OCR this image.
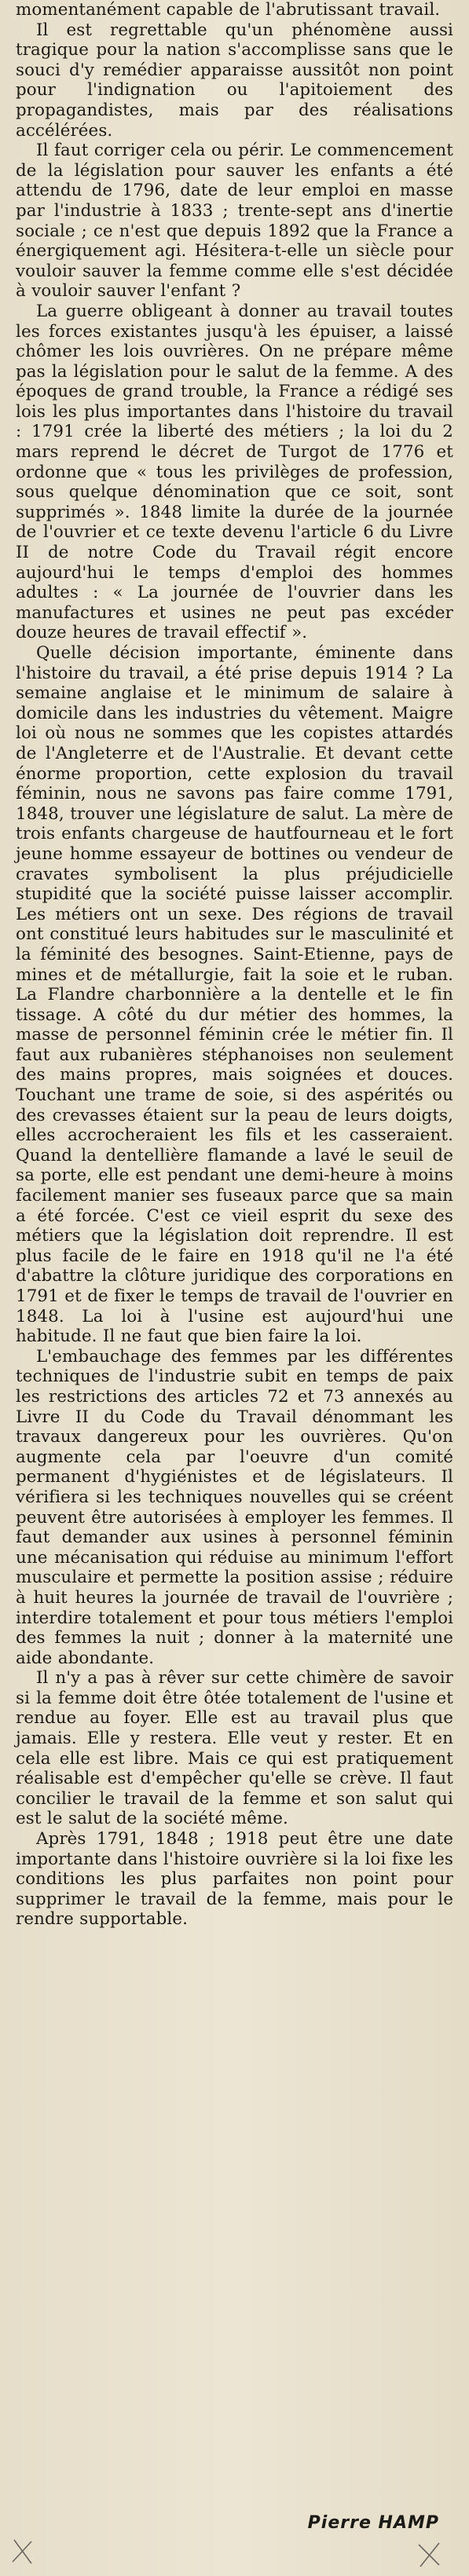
momentanément capable de l'abrutissant travail.

Il est regrettable qu'un phénomène aussi tragique pour la nation s'accomplisse sans que le souci d'y remédier apparaisse aussitôt non point pour l'indignation ou l'apitoiement des propagandistes, mais par des réalisations accélérées.

Il faut corriger cela ou périr. Le commencement de la législation pour sauver les enfants a été attendu de 1796, date de leur emploi en masse par l'industrie à 1833 ; trente-sept ans d'inertie sociale ; ce n'est que depuis 1892 que la France a énergiquement agi. Hésitera-t-elle un siècle pour vouloir sauver la femme comme elle s'est décidée à vouloir sauver l'enfant ?

La guerre obligeant à donner au travail toutes les forces existantes jusqu'à les épuiser, a laissé chômer les lois ouvrières. On ne prépare même pas la législation pour le salut de la femme. A des époques de grand trouble, la France a rédigé ses lois les plus importantes dans l'histoire du travail : 1791 crée la liberté des métiers ; la loi du 2 mars reprend le décret de Turgot de 1776 et ordonne que « tous les privilèges de profession, sous quelque dénomination que ce soit, sont supprimés ». 1848 limite la durée de la journée de l'ouvrier et ce texte devenu l'article 6 du Livre II de notre Code du Travail régit encore aujourd'hui le temps d'emploi des hommes adultes : « La journée de l'ouvrier dans les manufactures et usines ne peut pas excéder douze heures de travail effectif ».

Quelle décision importante, éminente dans l'histoire du travail, a été prise depuis 1914 ? La semaine anglaise et le minimum de salaire à domicile dans les industries du vêtement. Maigre loi où nous ne sommes que les copistes attardés de l'Angleterre et de l'Australie. Et devant cette énorme proportion, cette explosion du travail féminin, nous ne savons pas faire comme 1791, 1848, trouver une législature de salut. La mère de trois enfants chargeuse de hautfourneau et le fort jeune homme essayeur de bottines ou vendeur de cravates symbolisent la plus préjudicielle stupidité que la société puisse laisser accomplir. Les métiers ont un sexe. Des régions de travail ont constitué leurs habitudes sur le masculinité et la féminité des besognes. Saint-Etienne, pays de mines et de métallurgie, fait la soie et le ruban. La Flandre charbonnière a la dentelle et le fin tissage. A côté du dur métier des hommes, la masse de personnel féminin crée le métier fin. Il faut aux rubanières stéphanoises non seulement des mains propres, mais soignées et douces. Touchant une trame de soie, si des aspérités ou des crevasses étaient sur la peau de leurs doigts, elles accrocheraient les fils et les casseraient. Quand la dentellière flamande a lavé le seuil de sa porte, elle est pendant une demi-heure à moins facilement manier ses fuseaux parce que sa main a été forcée. C'est ce vieil esprit du sexe des métiers que la législation doit reprendre. Il est plus facile de le faire en 1918 qu'il ne l'a été d'abattre la clôture juridique des corporations en 1791 et de fixer le temps de travail de l'ouvrier en 1848. La loi à l'usine est aujourd'hui une habitude. Il ne faut que bien faire la loi.

L'embauchage des femmes par les différentes techniques de l'industrie subit en temps de paix les restrictions des articles 72 et 73 annexés au Livre II du Code du Travail dénommant les travaux dangereux pour les ouvrières. Qu'on augmente cela par l'oeuvre d'un comité permanent d'hygiénistes et de législateurs. Il vérifiera si les techniques nouvelles qui se créent peuvent être autorisées à employer les femmes. Il faut demander aux usines à personnel féminin une mécanisation qui réduise au minimum l'effort musculaire et permette la position assise ; réduire à huit heures la journée de travail de l'ouvrière ; interdire totalement et pour tous métiers l'emploi des femmes la nuit ; donner à la maternité une aide abondante.

Il n'y a pas à rêver sur cette chimère de savoir si la femme doit être ôtée totalement de l'usine et rendue au foyer. Elle est au travail plus que jamais. Elle y restera. Elle veut y rester. Et en cela elle est libre. Mais ce qui est pratiquement réalisable est d'empêcher qu'elle se crève. Il faut concilier le travail de la femme et son salut qui est le salut de la société même.

Après 1791, 1848 ; 1918 peut être une date importante dans l'histoire ouvrière si la loi fixe les conditions les plus parfaites non point pour supprimer le travail de la femme, mais pour le rendre supportable.

Pierre HAMP
